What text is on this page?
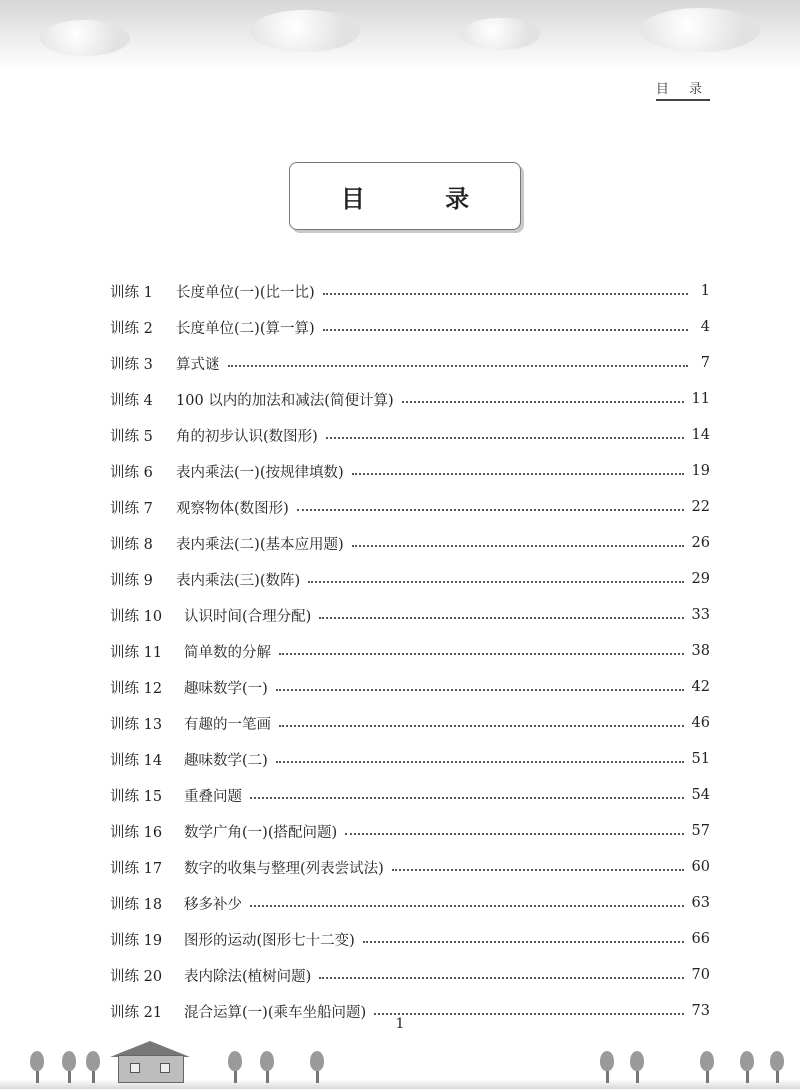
目 录
目 录
训练 1	长度单位(一)(比一比)	1
训练 2	长度单位(二)(算一算)	4
训练 3	算式谜	7
训练 4	100 以内的加法和减法(简便计算)	11
训练 5	角的初步认识(数图形)	14
训练 6	表内乘法(一)(按规律填数)	19
训练 7	观察物体(数图形)	22
训练 8	表内乘法(二)(基本应用题)	26
训练 9	表内乘法(三)(数阵)	29
训练 10	认识时间(合理分配)	33
训练 11	简单数的分解	38
训练 12	趣味数学(一)	42
训练 13	有趣的一笔画	46
训练 14	趣味数学(二)	51
训练 15	重叠问题	54
训练 16	数学广角(一)(搭配问题)	57
训练 17	数字的收集与整理(列表尝试法)	60
训练 18	移多补少	63
训练 19	图形的运动(图形七十二变)	66
训练 20	表内除法(植树问题)	70
训练 21	混合运算(一)(乘车坐船问题)	73
1
